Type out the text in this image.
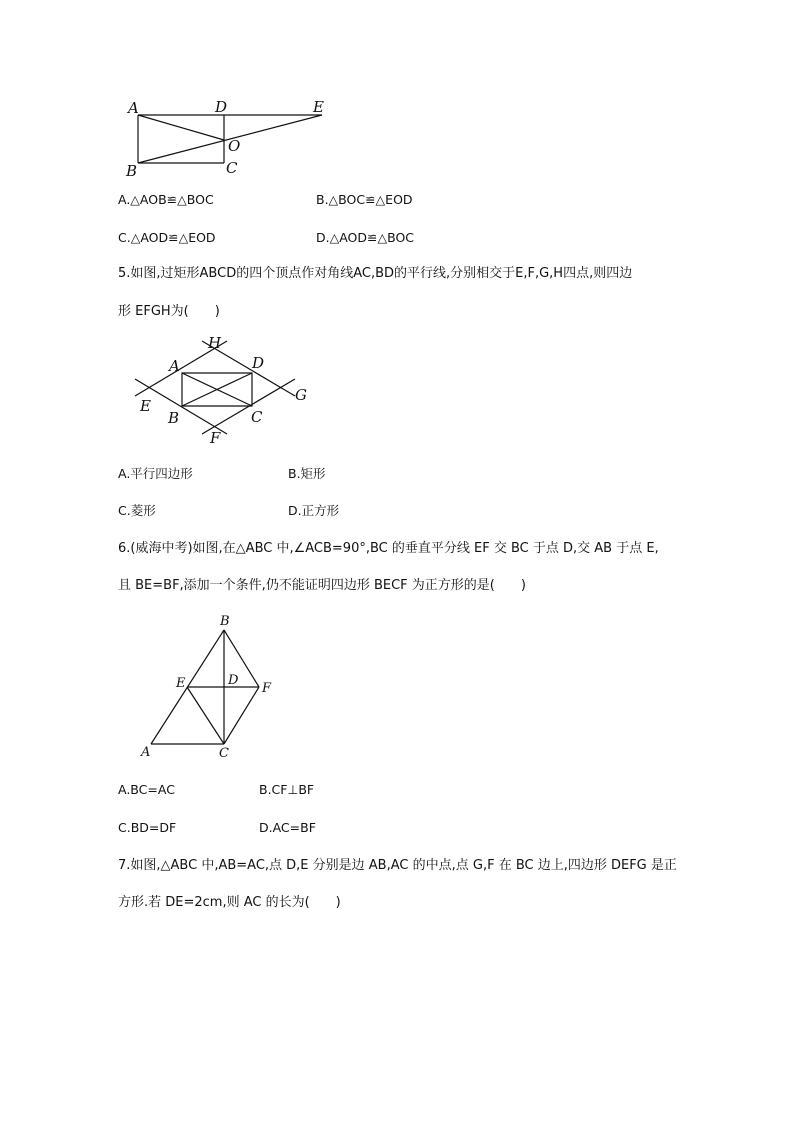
A	D	E
O
B	C
A.△AOB≌△BOC	B.△BOC≌△EOD
C.△AOD≌△EOD	D.△AOD≌△BOC
5.如图,过矩形ABCD的四个顶点作对角线AC,BD的平行线,分别相交于E,F,G,H四点,则四边
形 EFGH为(　　)
H
A	D
G
E
B	C
F
A.平行四边形	B.矩形
C.菱形	D.正方形
6.(威海中考)如图,在△ABC 中,∠ACB=90°,BC 的垂直平分线 EF 交 BC 于点 D,交 AB 于点 E,
且 BE=BF,添加一个条件,仍不能证明四边形 BECF 为正方形的是(　　)
B
E	D
F
A	C
A.BC=AC	B.CF⊥BF
C.BD=DF	D.AC=BF
7.如图,△ABC 中,AB=AC,点 D,E 分别是边 AB,AC 的中点,点 G,F 在 BC 边上,四边形 DEFG 是正
方形.若 DE=2cm,则 AC 的长为(　　)
